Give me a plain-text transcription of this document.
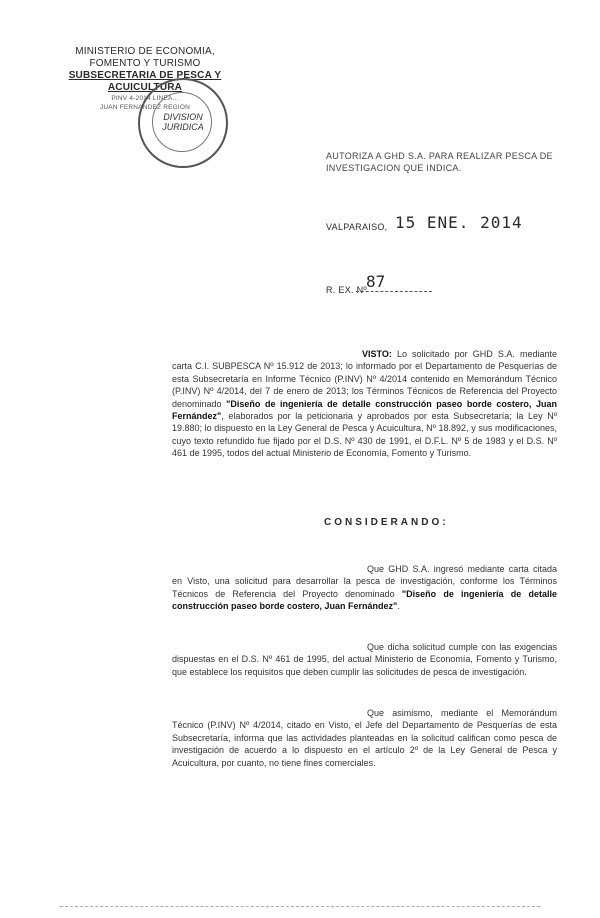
MINISTERIO DE ECONOMIA,
FOMENTO Y TURISMO
SUBSECRETARIA DE PESCA Y ACUICULTURA
PINV 4-2014 LINEA...
JUAN FERNANDEZ REGION
DIVISION
JURIDICA
AUTORIZA A GHD S.A. PARA REALIZAR PESCA DE INVESTIGACION QUE INDICA.
VALPARAISO, 15 ENE. 2014
R. EX. Nº 87
VISTO: Lo solicitado por GHD S.A. mediante carta C.I. SUBPESCA Nº 15.912 de 2013; lo informado por el Departamento de Pesquerías de esta Subsecretaría en Informe Técnico (P.INV) Nº 4/2014 contenido en Memorándum Técnico (P.INV) Nº 4/2014, del 7 de enero de 2013; los Términos Técnicos de Referencia del Proyecto denominado "Diseño de ingeniería de detalle construcción paseo borde costero, Juan Fernández", elaborados por la peticionaria y aprobados por esta Subsecretaría; la Ley Nº 19.880; lo dispuesto en la Ley General de Pesca y Acuicultura, Nº 18.892, y sus modificaciones, cuyo texto refundido fue fijado por el D.S. Nº 430 de 1991, el D.F.L. Nº 5 de 1983 y el D.S. Nº 461 de 1995, todos del actual Ministerio de Economía, Fomento y Turismo.
CONSIDERANDO:
Que GHD S.A. ingresó mediante carta citada en Visto, una solicitud para desarrollar la pesca de investigación, conforme los Términos Técnicos de Referencia del Proyecto denominado "Diseño de ingeniería de detalle construcción paseo borde costero, Juan Fernández".
Que dicha solicitud cumple con las exigencias dispuestas en el D.S. Nº 461 de 1995, del actual Ministerio de Economía, Fomento y Turismo, que establece los requisitos que deben cumplir las solicitudes de pesca de investigación.
Que asimismo, mediante el Memorándum Técnico (P.INV) Nº 4/2014, citado en Visto, el Jefe del Departamento de Pesquerías de esta Subsecretaría, informa que las actividades planteadas en la solicitud califican como pesca de investigación de acuerdo a lo dispuesto en el artículo 2º de la Ley General de Pesca y Acuicultura, por cuanto, no tiene fines comerciales.
